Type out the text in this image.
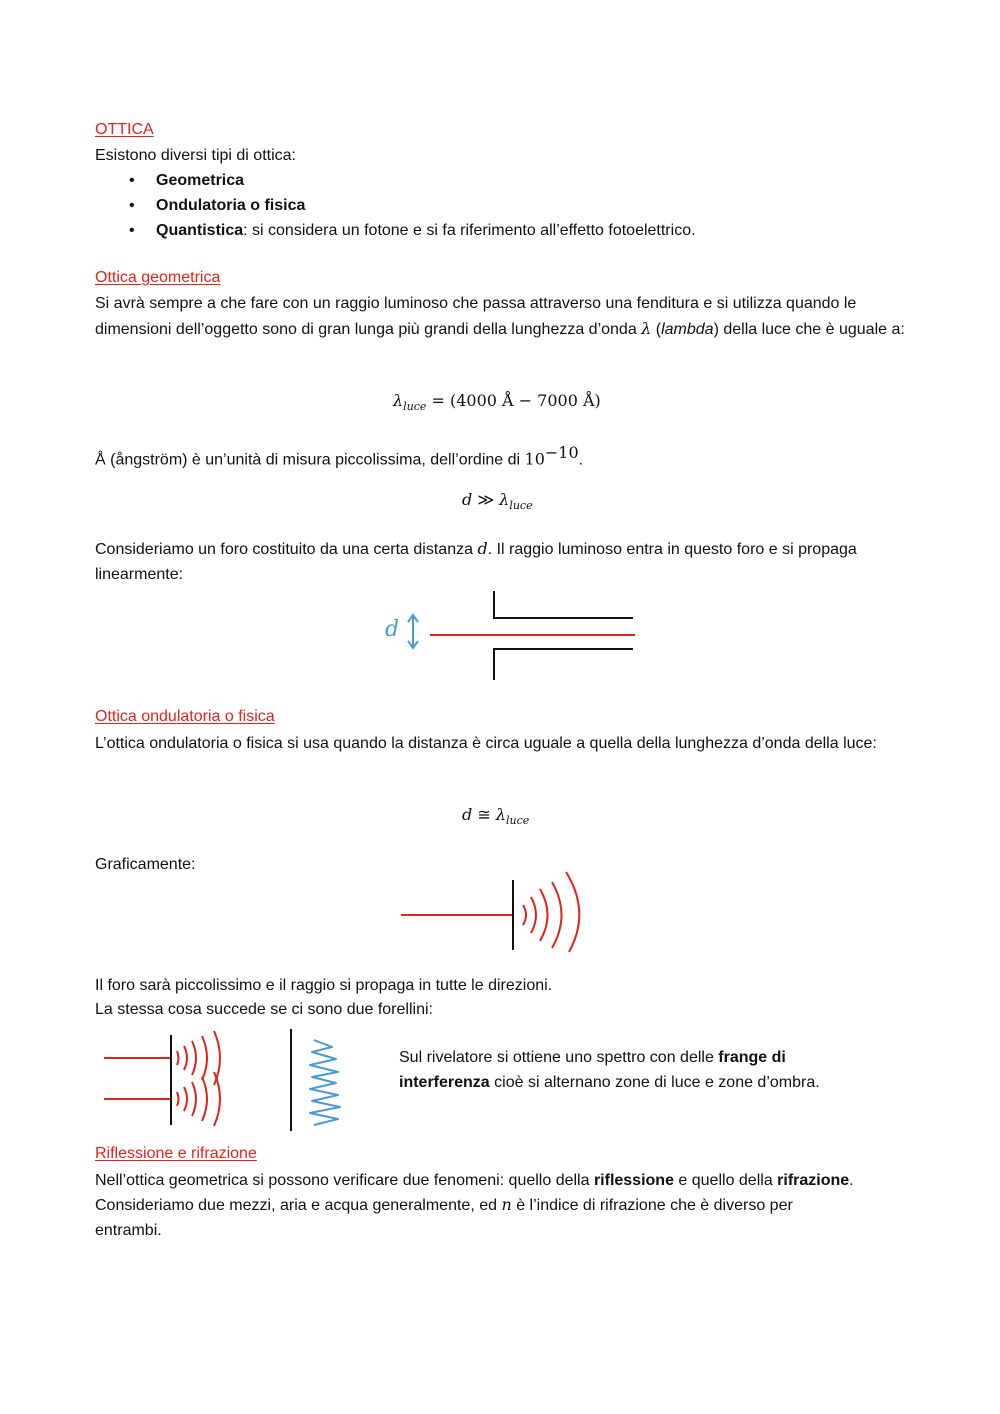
OTTICA
Esistono diversi tipi di ottica:
• Geometrica
• Ondulatoria o fisica
• Quantistica: si considera un fotone e si fa riferimento all’effetto fotoelettrico.
Ottica geometrica

Si avrà sempre a che fare con un raggio luminoso che passa attraverso una fenditura e si utilizza quando le dimensioni dell’oggetto sono di gran lunga più grandi della lunghezza d’onda λ (lambda) della luce che è uguale a:

$\lambda_{luce} = (4000$ Å − 7000 Å)
Å (ångström) è un’unità di misura piccolissima, dell’ordine di $10^{-10}$.
d ≫ $\lambda_{luce}$

Consideriamo un foro costituito da una certa distanza d. Il raggio luminoso entra in questo foro e si propaga linearmente:

d
Ottica ondulatoria o fisica

L’ottica ondulatoria o fisica si usa quando la distanza è circa uguale a quella della lunghezza d’onda della luce:

d ≅ $\lambda_{luce}$
Graficamente:
Il foro sarà piccolissimo e il raggio si propaga in tutte le direzioni.
La stessa cosa succede se ci sono due forellini:

Sul rivelatore si ottiene uno spettro con delle frange di
interferenza cioè si alternano zone di luce e zone d’ombra.

Riflessione e rifrazione
Nell’ottica geometrica si possono verificare due fenomeni: quello della riflessione e quello della rifrazione.

Consideriamo due mezzi, aria e acqua generalmente, ed n è l’indice di rifrazione che è diverso per entrambi.
